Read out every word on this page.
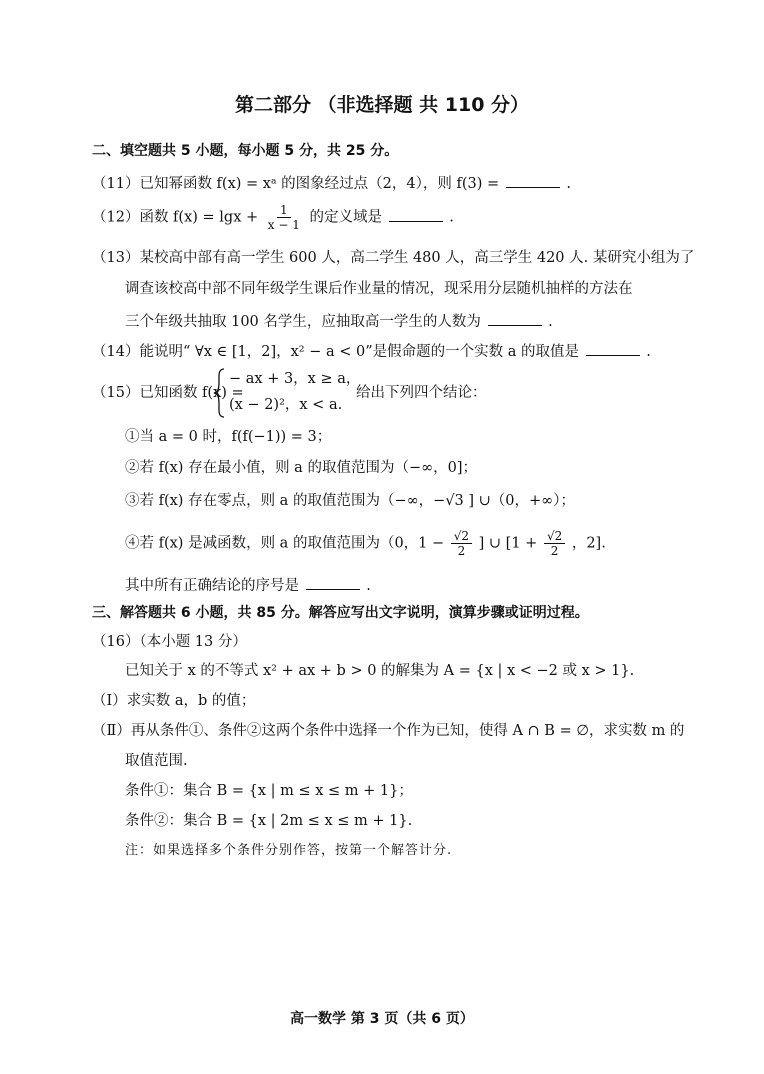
第二部分 （非选择题 共 110 分）
二、填空题共 5 小题，每小题 5 分，共 25 分。
（11）已知幂函数 f(x) = xᵃ 的图象经过点（2，4），则 f(3) =	.
（12）函数 $f(x) = \lg x + \frac{1}{x - 1}$ 的定义域是	.
（13）某校高中部有高一学生 600 人，高二学生 480 人，高三学生 420 人. 某研究小组为了
调查该校高中部不同年级学生课后作业量的情况，现采用分层随机抽样的方法在
三个年级共抽取 100 名学生，应抽取高一学生的人数为	.
（14）能说明“ ∀x ∈ [1，2]，x² − a < 0”是假命题的一个实数 a 的取值是	.
（15）已知函数 f(x) =
− ax + 3，x ≥ a，
(x − 2)²，x < a.
给出下列四个结论：
①当 a = 0 时，f(f(−1)) = 3；
②若 f(x) 存在最小值，则 a 的取值范围为（−∞，0]；
③若 f(x) 存在零点，则 a 的取值范围为（−∞，−√3 ] ∪（0，+∞）；
④若 f(x) 是减函数，则 a 的取值范围为（0，$1 - \frac{√2}{2}$ ] ∪ [$1 + \frac{√2}{2}$ ，2].
其中所有正确结论的序号是	.
三、解答题共 6 小题，共 85 分。解答应写出文字说明，演算步骤或证明过程。
（16）（本小题 13 分）
已知关于 x 的不等式 x² + ax + b > 0 的解集为 A = {x | x < −2 或 x > 1}.
（Ⅰ）求实数 a，b 的值；
（Ⅱ）再从条件①、条件②这两个条件中选择一个作为已知，使得 A ∩ B = ∅，求实数 m 的
取值范围.
条件①：集合 B = {x | m ≤ x ≤ m + 1}；
条件②：集合 B = {x | 2m ≤ x ≤ m + 1}.
注：如果选择多个条件分别作答，按第一个解答计分.
高一数学 第 3 页（共 6 页）
